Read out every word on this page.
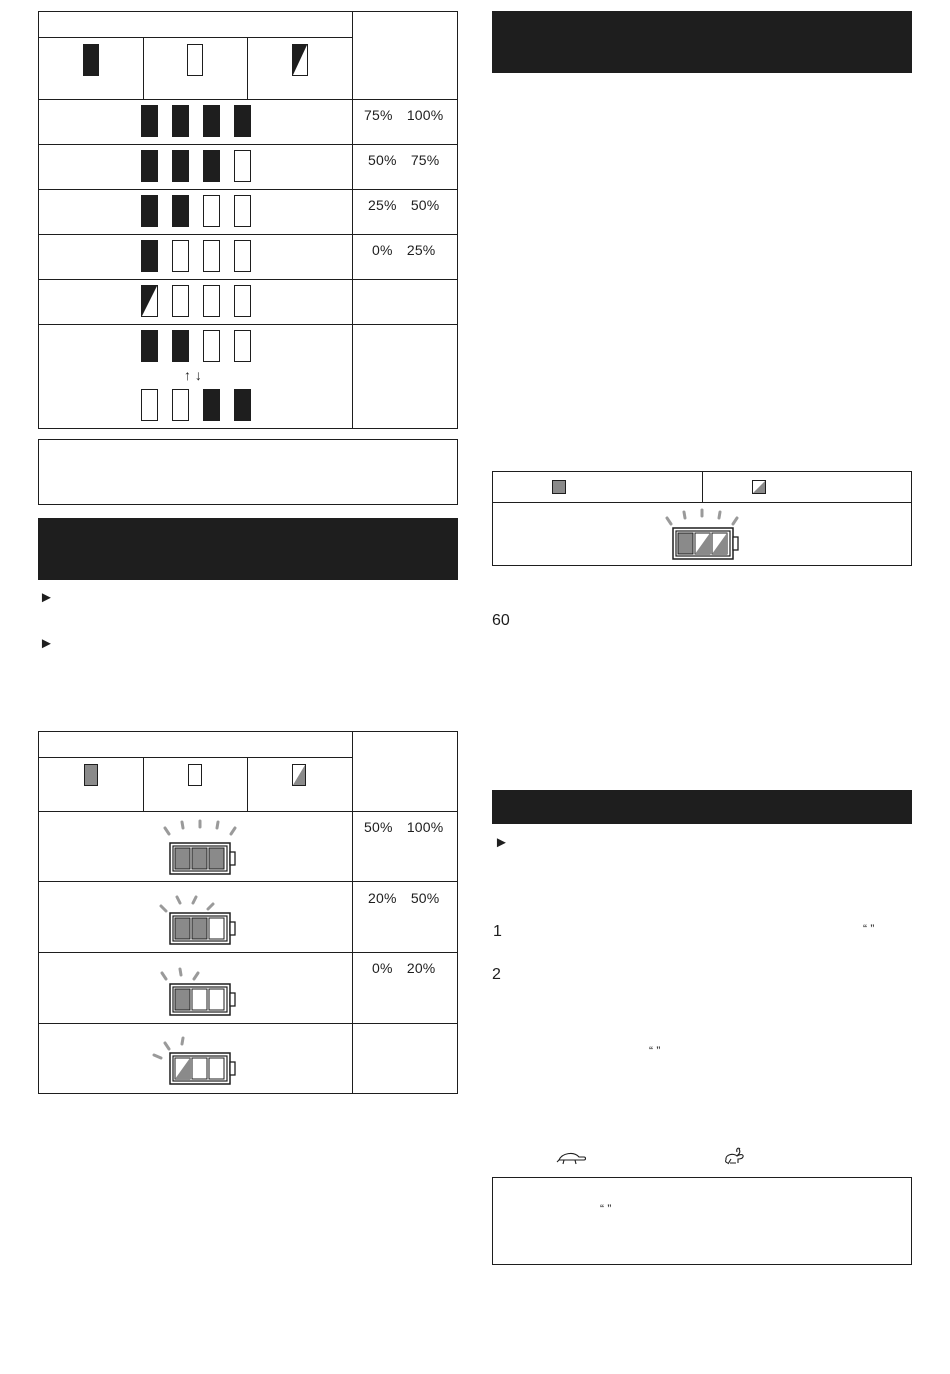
↑ ↓
75%　100%
50%　75%
25%　50%
0%　25%
►
►
50%　100%
20%　50%
0%　20%
60
►
1	“ ”
2
“ ”
“ ”
